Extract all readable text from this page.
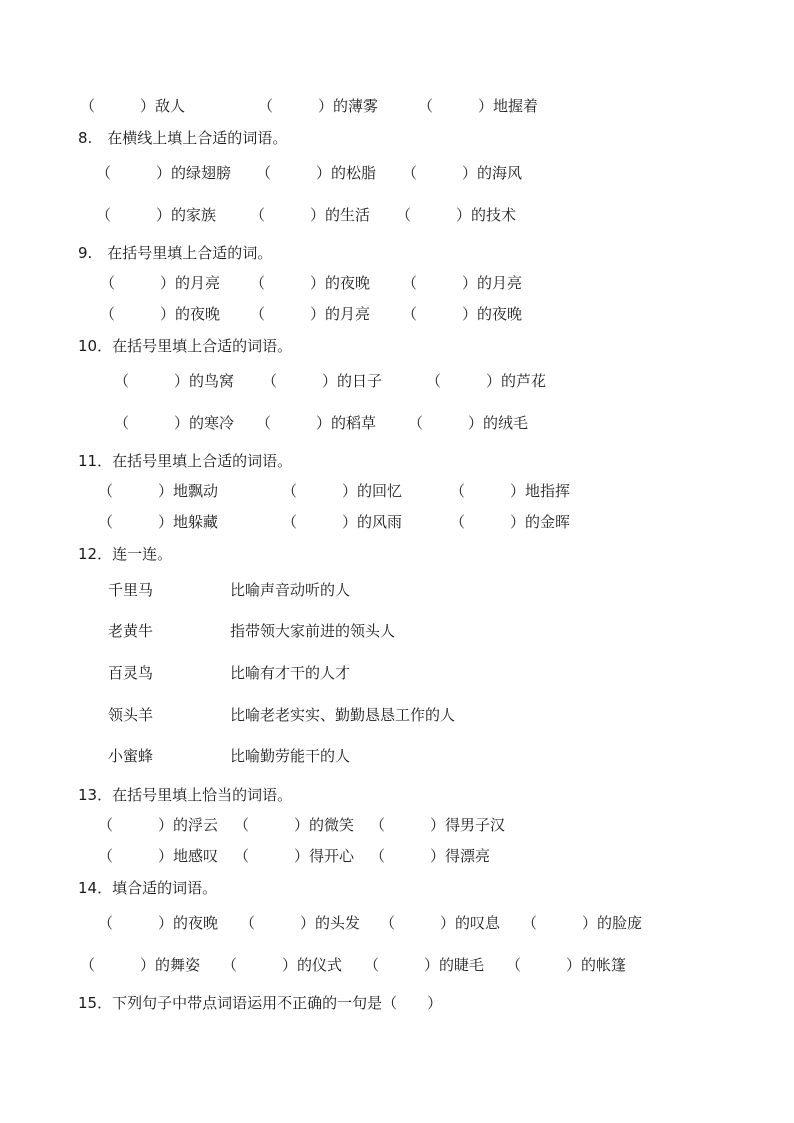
（　　　）敌人	（　　　）的薄雾	（　　　）地握着
8.　在横线上填上合适的词语。
（　　　）的绿翅膀 （　　　）的松脂 （　　　）的海风
（　　　）的家族 （　　　）的生活 （　　　）的技术
9.　在括号里填上合适的词。
（　　　）的月亮 （　　　）的夜晚 （　　　）的月亮
（　　　）的夜晚 （　　　）的月亮 （　　　）的夜晚
10．在括号里填上合适的词语。
（　　　）的鸟窝 （　　　）的日子	（　　　）的芦花
（　　　）的寒冷 （　　　）的稻草 （　　　）的绒毛
11．在括号里填上合适的词语。
（　　　）地飘动	（　　　）的回忆	（　　　）地指挥
（　　　）地躲藏	（　　　）的风雨	（　　　）的金晖
12．连一连。
千里马	比喻声音动听的人
老黄牛	指带领大家前进的领头人
百灵鸟	比喻有才干的人才
领头羊	比喻老老实实、勤勤恳恳工作的人
小蜜蜂	比喻勤劳能干的人
13．在括号里填上恰当的词语。
（　　　）的浮云 （　　　）的微笑 （　　　）得男子汉
（　　　）地感叹 （　　　）得开心 （　　　）得漂亮
14．填合适的词语。
（　　　）的夜晚 （　　　）的头发 （　　　）的叹息 （　　　）的脸庞
（　　　）的舞姿 （　　　）的仪式 （　　　）的睫毛 （　　　）的帐篷
15．下列句子中带点词语运用不正确的一句是（　　）
